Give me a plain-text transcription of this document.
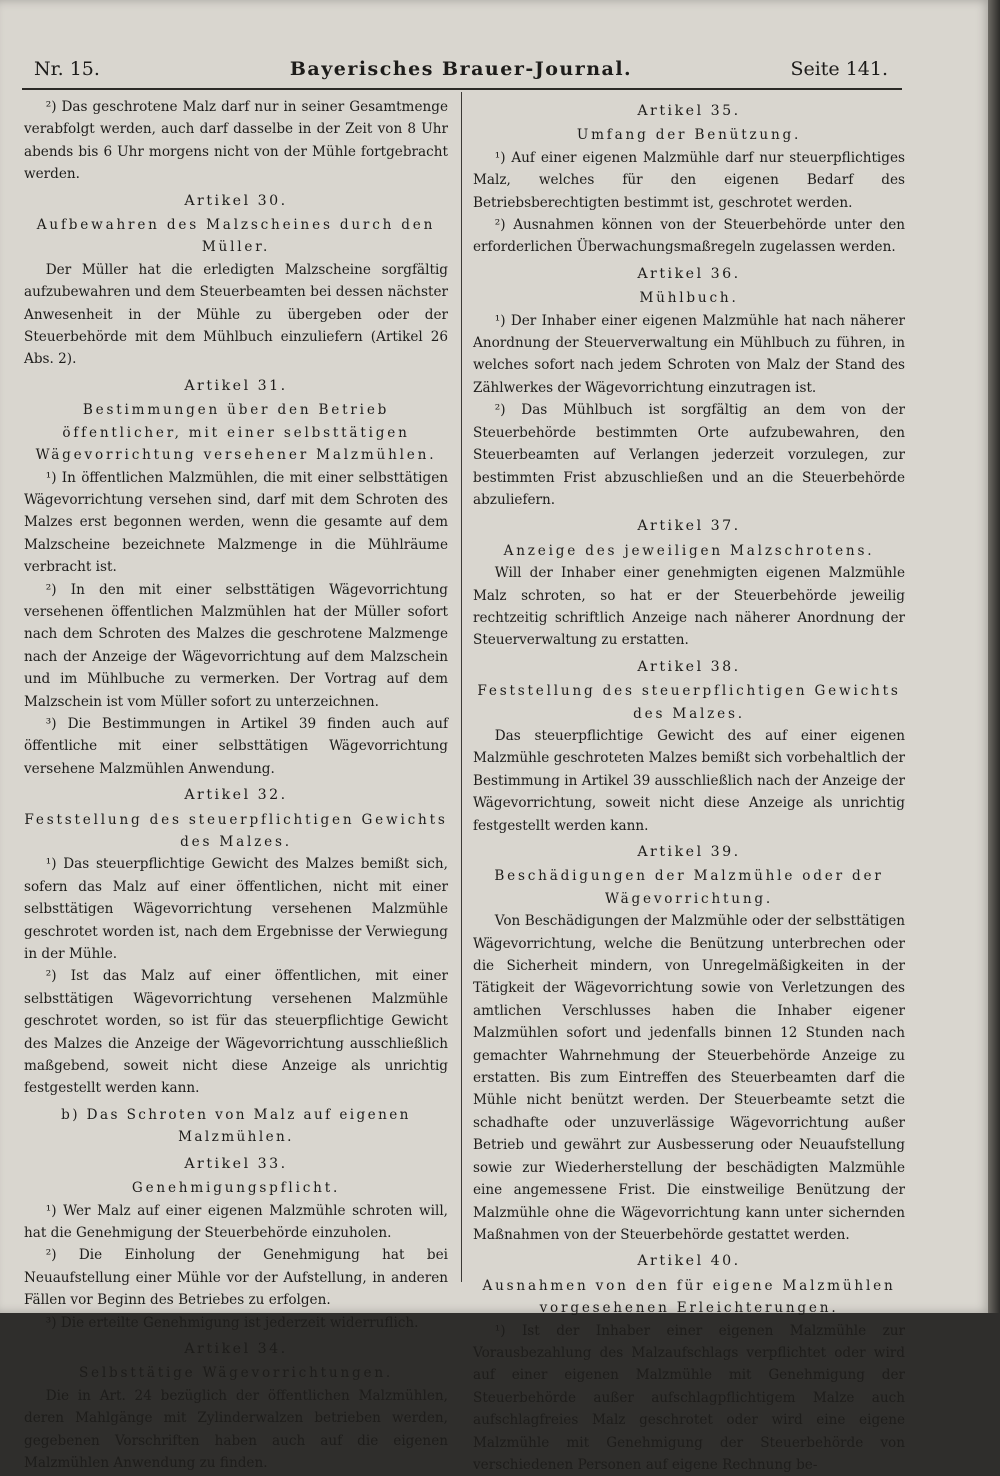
Nr. 15.	Bayerisches Brauer-Journal.	Seite 141.

²) Das geschrotene Malz darf nur in seiner Gesamtmenge verabfolgt werden, auch darf dasselbe in der Zeit von 8 Uhr abends bis 6 Uhr morgens nicht von der Mühle fortgebracht werden.

Artikel 30.

Aufbewahren des Malzscheines durch den Müller.

Der Müller hat die erledigten Malzscheine sorgfältig aufzubewahren und dem Steuerbeamten bei dessen nächster Anwesenheit in der Mühle zu übergeben oder der Steuerbehörde mit dem Mühlbuch einzuliefern (Artikel 26 Abs. 2).

Artikel 31.

Bestimmungen über den Betrieb öffentlicher, mit einer selbsttätigen Wägevorrichtung versehener Malzmühlen.

¹) In öffentlichen Malzmühlen, die mit einer selbsttätigen Wägevorrichtung versehen sind, darf mit dem Schroten des Malzes erst begonnen werden, wenn die gesamte auf dem Malzscheine bezeichnete Malzmenge in die Mühlräume verbracht ist.

²) In den mit einer selbsttätigen Wägevorrichtung versehenen öffentlichen Malzmühlen hat der Müller sofort nach dem Schroten des Malzes die geschrotene Malzmenge nach der Anzeige der Wägevorrichtung auf dem Malzschein und im Mühlbuche zu vermerken. Der Vortrag auf dem Malzschein ist vom Müller sofort zu unterzeichnen.

³) Die Bestimmungen in Artikel 39 finden auch auf öffentliche mit einer selbsttätigen Wägevorrichtung versehene Malzmühlen Anwendung.

Artikel 32.

Feststellung des steuerpflichtigen Gewichts des Malzes.

¹) Das steuerpflichtige Gewicht des Malzes bemißt sich, sofern das Malz auf einer öffentlichen, nicht mit einer selbsttätigen Wägevorrichtung versehenen Malzmühle geschrotet worden ist, nach dem Ergebnisse der Verwiegung in der Mühle.

²) Ist das Malz auf einer öffentlichen, mit einer selbsttätigen Wägevorrichtung versehenen Malzmühle geschrotet worden, so ist für das steuerpflichtige Gewicht des Malzes die Anzeige der Wägevorrichtung ausschließlich maßgebend, soweit nicht diese Anzeige als unrichtig festgestellt werden kann.

b) Das Schroten von Malz auf eigenen Malzmühlen.

Artikel 33.

Genehmigungspflicht.

¹) Wer Malz auf einer eigenen Malzmühle schroten will, hat die Genehmigung der Steuerbehörde einzuholen.

²) Die Einholung der Genehmigung hat bei Neuaufstellung einer Mühle vor der Aufstellung, in anderen Fällen vor Beginn des Betriebes zu erfolgen.

³) Die erteilte Genehmigung ist jederzeit widerruflich.

Artikel 34.

Selbsttätige Wägevorrichtungen.

Die in Art. 24 bezüglich der öffentlichen Malzmühlen, deren Mahlgänge mit Zylinderwalzen betrieben werden, gegebenen Vorschriften haben auch auf die eigenen Malzmühlen Anwendung zu finden.

Artikel 35.

Umfang der Benützung.

¹) Auf einer eigenen Malzmühle darf nur steuerpflichtiges Malz, welches für den eigenen Bedarf des Betriebsberechtigten bestimmt ist, geschrotet werden.

²) Ausnahmen können von der Steuerbehörde unter den erforderlichen Überwachungsmaßregeln zugelassen werden.

Artikel 36.

Mühlbuch.

¹) Der Inhaber einer eigenen Malzmühle hat nach näherer Anordnung der Steuerverwaltung ein Mühlbuch zu führen, in welches sofort nach jedem Schroten von Malz der Stand des Zählwerkes der Wägevorrichtung einzutragen ist.

²) Das Mühlbuch ist sorgfältig an dem von der Steuerbehörde bestimmten Orte aufzubewahren, den Steuerbeamten auf Verlangen jederzeit vorzulegen, zur bestimmten Frist abzuschließen und an die Steuerbehörde abzuliefern.

Artikel 37.

Anzeige des jeweiligen Malzschrotens.

Will der Inhaber einer genehmigten eigenen Malzmühle Malz schroten, so hat er der Steuerbehörde jeweilig rechtzeitig schriftlich Anzeige nach näherer Anordnung der Steuerverwaltung zu erstatten.

Artikel 38.

Feststellung des steuerpflichtigen Gewichts des Malzes.

Das steuerpflichtige Gewicht des auf einer eigenen Malzmühle geschroteten Malzes bemißt sich vorbehaltlich der Bestimmung in Artikel 39 ausschließlich nach der Anzeige der Wägevorrichtung, soweit nicht diese Anzeige als unrichtig festgestellt werden kann.

Artikel 39.

Beschädigungen der Malzmühle oder der Wägevorrichtung.

Von Beschädigungen der Malzmühle oder der selbsttätigen Wägevorrichtung, welche die Benützung unterbrechen oder die Sicherheit mindern, von Unregelmäßigkeiten in der Tätigkeit der Wägevorrichtung sowie von Verletzungen des amtlichen Verschlusses haben die Inhaber eigener Malzmühlen sofort und jedenfalls binnen 12 Stunden nach gemachter Wahrnehmung der Steuerbehörde Anzeige zu erstatten. Bis zum Eintreffen des Steuerbeamten darf die Mühle nicht benützt werden. Der Steuerbeamte setzt die schadhafte oder unzuverlässige Wägevorrichtung außer Betrieb und gewährt zur Ausbesserung oder Neuaufstellung sowie zur Wiederherstellung der beschädigten Malzmühle eine angemessene Frist. Die einstweilige Benützung der Malzmühle ohne die Wägevorrichtung kann unter sichernden Maßnahmen von der Steuerbehörde gestattet werden.

Artikel 40.

Ausnahmen von den für eigene Malzmühlen vorgesehenen Erleichterungen.

¹) Ist der Inhaber einer eigenen Malzmühle zur Vorausbezahlung des Malzaufschlags verpflichtet oder wird auf einer eigenen Malzmühle mit Genehmigung der Steuerbehörde außer aufschlagpflichtigem Malze auch aufschlagfreies Malz geschrotet oder wird eine eigene Malzmühle mit Genehmigung der Steuerbehörde von verschiedenen Personen auf eigene Rechnung be-
